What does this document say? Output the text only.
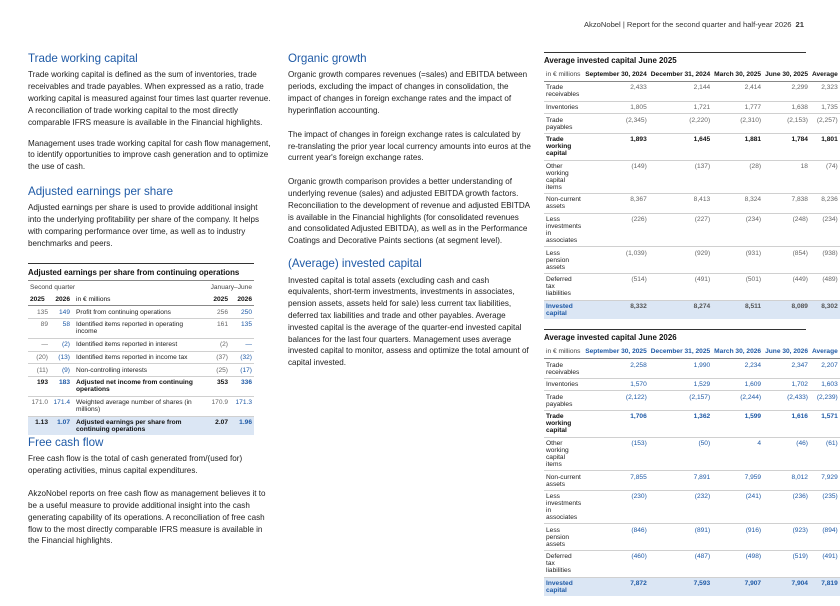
AkzoNobel | Report for the second quarter and half-year 2026 21
Trade working capital

Trade working capital is defined as the sum of inventories, trade receivables and trade payables. When expressed as a ratio, trade working capital is measured against four times last quarter revenue. A reconciliation of trade working capital to the most directly comparable IFRS measure is available in the Financial highlights.

Management uses trade working capital for cash flow management, to identify opportunities to improve cash generation and to optimize the use of cash.

Adjusted earnings per share

Adjusted earnings per share is used to provide additional insight into the underlying profitability per share of the company. It helps with comparing performance over time, as well as to industry benchmarks and peers.

Adjusted earnings per share from continuing operations
Second quarter			January–June	
2025	2026	in € millions	2025	2026
135	149	Profit from continuing operations	256	250
89	58	Identified items reported in operating income	161	135
—	(2)	Identified items reported in interest	(2)	—
(20)	(13)	Identified items reported in income tax	(37)	(32)
(11)	(9)	Non-controlling interests	(25)	(17)
193	183	Adjusted net income from continuing operations	353	336
171.0	171.4	Weighted average number of shares (in millions)	170.9	171.3
1.13	1.07	Adjusted earnings per share from continuing operations	2.07	1.96
Free cash flow

Free cash flow is the total of cash generated from/(used for) operating activities, minus capital expenditures.

AkzoNobel reports on free cash flow as management believes it to be a useful measure to provide additional insight into the cash generating capability of its operations. A reconciliation of free cash flow to the most directly comparable IFRS measure is available in the Financial highlights.

Organic growth

Organic growth compares revenues (=sales) and EBITDA between periods, excluding the impact of changes in consolidation, the impact of changes in foreign exchange rates and the impact of hyperinflation accounting.

The impact of changes in foreign exchange rates is calculated by re-translating the prior year local currency amounts into euros at the current year's foreign exchange rates.

Organic growth comparison provides a better understanding of underlying revenue (sales) and adjusted EBITDA growth factors. Reconciliation to the development of revenue and adjusted EBITDA is available in the Financial highlights (for consolidated revenues and consolidated Adjusted EBITDA), as well as in the Performance Coatings and Decorative Paints sections (at segment level).

(Average) invested capital

Invested capital is total assets (excluding cash and cash equivalents, short-term investments, investments in associates, pension assets, assets held for sale) less current tax liabilities, deferred tax liabilities and trade and other payables. Average invested capital is the average of the quarter-end invested capital balances for the last four quarters. Management uses average invested capital to monitor, assess and optimize the total amount of capital invested.

Average invested capital June 2025
in € millions	September 30, 2024	December 31, 2024	March 30, 2025	June 30, 2025	Average
Trade receivables	2,433	2,144	2,414	2,299	2,323
Inventories	1,805	1,721	1,777	1,638	1,735
Trade payables	(2,345)	(2,220)	(2,310)	(2,153)	(2,257)
Trade working capital	1,893	1,645	1,881	1,784	1,801
Other working capital items	(149)	(137)	(28)	18	(74)
Non-current assets	8,367	8,413	8,324	7,838	8,236
Less investments in associates	(226)	(227)	(234)	(248)	(234)
Less pension assets	(1,039)	(929)	(931)	(854)	(938)
Deferred tax liabilities	(514)	(491)	(501)	(449)	(489)
Invested capital	8,332	8,274	8,511	8,089	8,302
Average invested capital June 2026
in € millions	September 30, 2025	December 31, 2025	March 30, 2026	June 30, 2026	Average
Trade receivables	2,258	1,990	2,234	2,347	2,207
Inventories	1,570	1,529	1,609	1,702	1,603
Trade payables	(2,122)	(2,157)	(2,244)	(2,433)	(2,239)
Trade working capital	1,706	1,362	1,599	1,616	1,571
Other working capital items	(153)	(50)	4	(46)	(61)
Non-current assets	7,855	7,891	7,959	8,012	7,929
Less investments in associates	(230)	(232)	(241)	(236)	(235)
Less pension assets	(846)	(891)	(916)	(923)	(894)
Deferred tax liabilities	(460)	(487)	(498)	(519)	(491)
Invested capital	7,872	7,593	7,907	7,904	7,819
